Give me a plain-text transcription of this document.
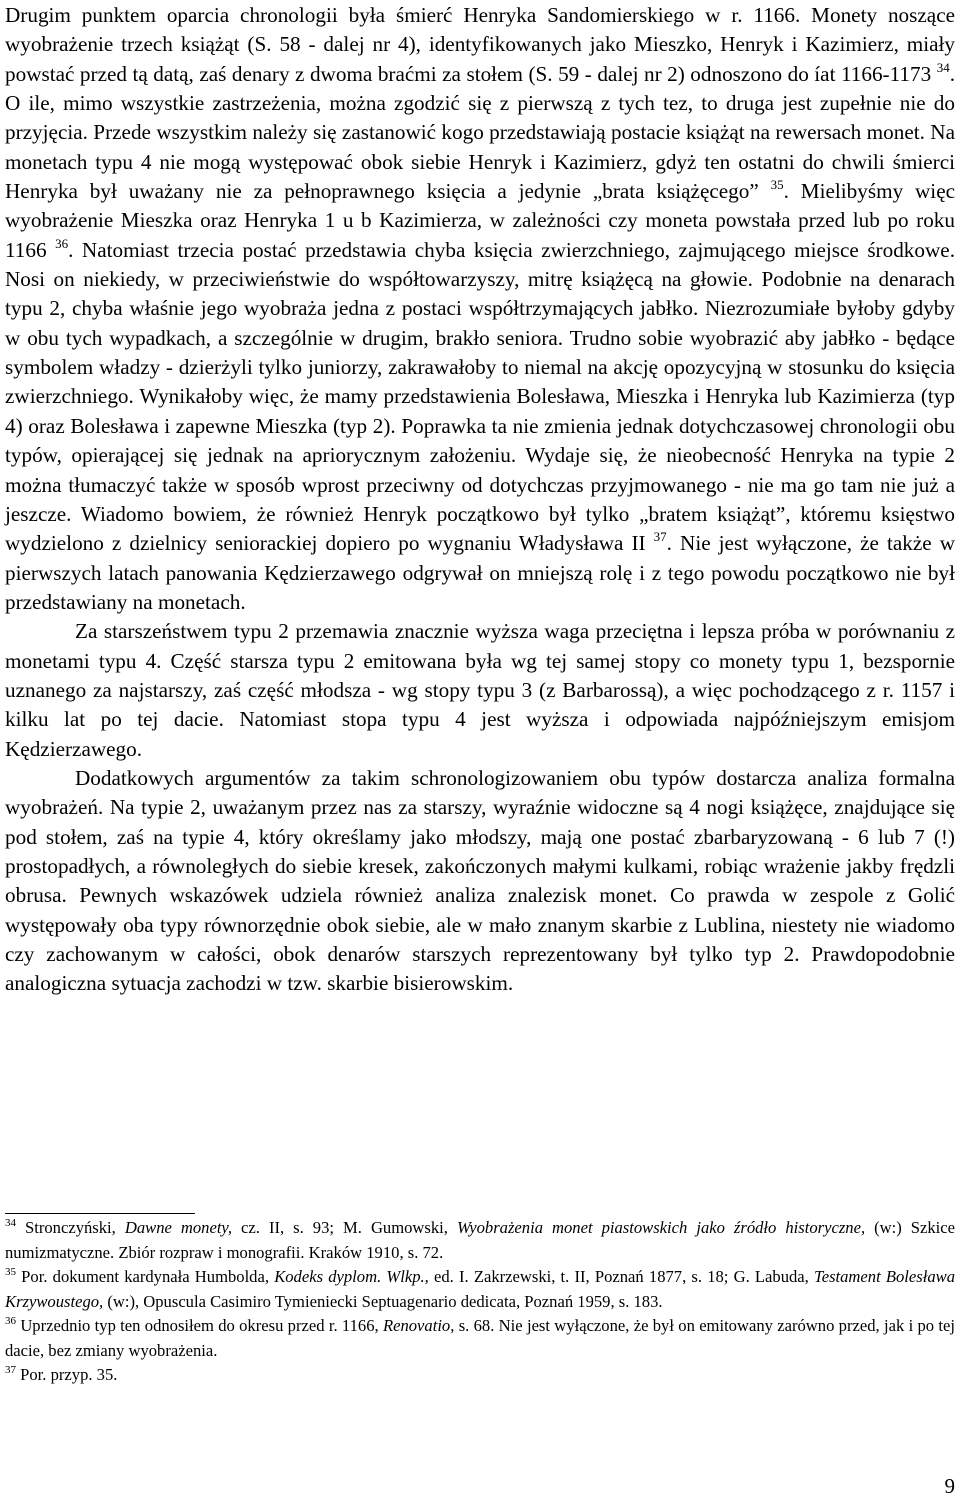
Drugim punktem oparcia chronologii była śmierć Henryka Sandomierskiego w r. 1166. Monety noszące wyobrażenie trzech książąt (S. 58 - dalej nr 4), identyfikowanych jako Mieszko, Henryk i Kazimierz, miały powstać przed tą datą, zaś denary z dwoma braćmi za stołem (S. 59 - dalej nr 2) odnoszono do íat 1166-1173 $^{34}$. O ile, mimo wszystkie zastrzeżenia, można zgodzić się z pierwszą z tych tez, to druga jest zupełnie nie do przyjęcia. Przede wszystkim należy się zastanowić kogo przedstawiają postacie książąt na rewersach monet. Na monetach typu 4 nie mogą występować obok siebie Henryk i Kazimierz, gdyż ten ostatni do chwili śmierci Henryka był uważany nie za pełnoprawnego księcia a jedynie „brata książęcego” $^{35}$. Mielibyśmy więc wyobrażenie Mieszka oraz Henryka 1 u b Kazimierza, w zależności czy moneta powstała przed lub po roku 1166 $^{36}$. Natomiast trzecia postać przedstawia chyba księcia zwierzchniego, zajmującego miejsce środkowe. Nosi on niekiedy, w przeciwieństwie do współtowarzyszy, mitrę książęcą na głowie. Podobnie na denarach typu 2, chyba właśnie jego wyobraża jedna z postaci współtrzymających jabłko. Niezrozumiałe byłoby gdyby w obu tych wypadkach, a szczególnie w drugim, brakło seniora. Trudno sobie wyobrazić aby jabłko - będące symbolem władzy - dzierżyli tylko juniorzy, zakrawałoby to niemal na akcję opozycyjną w stosunku do księcia zwierzchniego. Wynikałoby więc, że mamy przedstawienia Bolesława, Mieszka i Henryka lub Kazimierza (typ 4) oraz Bolesława i zapewne Mieszka (typ 2). Poprawka ta nie zmienia jednak dotychczasowej chronologii obu typów, opierającej się jednak na apriorycznym założeniu. Wydaje się, że nieobecność Henryka na typie 2 można tłumaczyć także w sposób wprost przeciwny od dotychczas przyjmowanego - nie ma go tam nie już a jeszcze. Wiadomo bowiem, że również Henryk początkowo był tylko „bratem książąt”, któremu księstwo wydzielono z dzielnicy seniorackiej dopiero po wygnaniu Władysława II $^{37}$. Nie jest wyłączone, że także w pierwszych latach panowania Kędzierzawego odgrywał on mniejszą rolę i z tego powodu początkowo nie był przedstawiany na monetach.

Za starszeństwem typu 2 przemawia znacznie wyższa waga przeciętna i lepsza próba w porównaniu z monetami typu 4. Część starsza typu 2 emitowana była wg tej samej stopy co monety typu 1, bezspornie uznanego za najstarszy, zaś część młodsza - wg stopy typu 3 (z Barbarossą), a więc pochodzącego z r. 1157 i kilku lat po tej dacie. Natomiast stopa typu 4 jest wyższa i odpowiada najpóźniejszym emisjom Kędzierzawego.

Dodatkowych argumentów za takim schronologizowaniem obu typów dostarcza analiza formalna wyobrażeń. Na typie 2, uważanym przez nas za starszy, wyraźnie widoczne są 4 nogi książęce, znajdujące się pod stołem, zaś na typie 4, który określamy jako młodszy, mają one postać zbarbaryzowaną - 6 lub 7 (!) prostopadłych, a równoległych do siebie kresek, zakończonych małymi kulkami, robiąc wrażenie jakby frędzli obrusa. Pewnych wskazówek udziela również analiza znalezisk monet. Co prawda w zespole z Golić występowały oba typy równorzędnie obok siebie, ale w mało znanym skarbie z Lublina, niestety nie wiadomo czy zachowanym w całości, obok denarów starszych reprezentowany był tylko typ 2. Prawdopodobnie analogiczna sytuacja zachodzi w tzw. skarbie bisierowskim.

$^{34}$ Stronczyński, Dawne monety, cz. II, s. 93; M. Gumowski, Wyobrażenia monet piastowskich jako źródło historyczne, (w:) Szkice numizmatyczne. Zbiór rozpraw i monografii. Kraków 1910, s. 72.

$^{35}$ Por. dokument kardynała Humbolda, Kodeks dyplom. Wlkp., ed. I. Zakrzewski, t. II, Poznań 1877, s. 18; G. Labuda, Testament Bolesława Krzywoustego, (w:), Opuscula Casimiro Tymieniecki Septuagenario dedicata, Poznań 1959, s. 183.

$^{36}$ Uprzednio typ ten odnosiłem do okresu przed r. 1166, Renovatio, s. 68. Nie jest wyłączone, że był on emitowany zarówno przed, jak i po tej dacie, bez zmiany wyobrażenia.

$^{37}$ Por. przyp. 35.

9
